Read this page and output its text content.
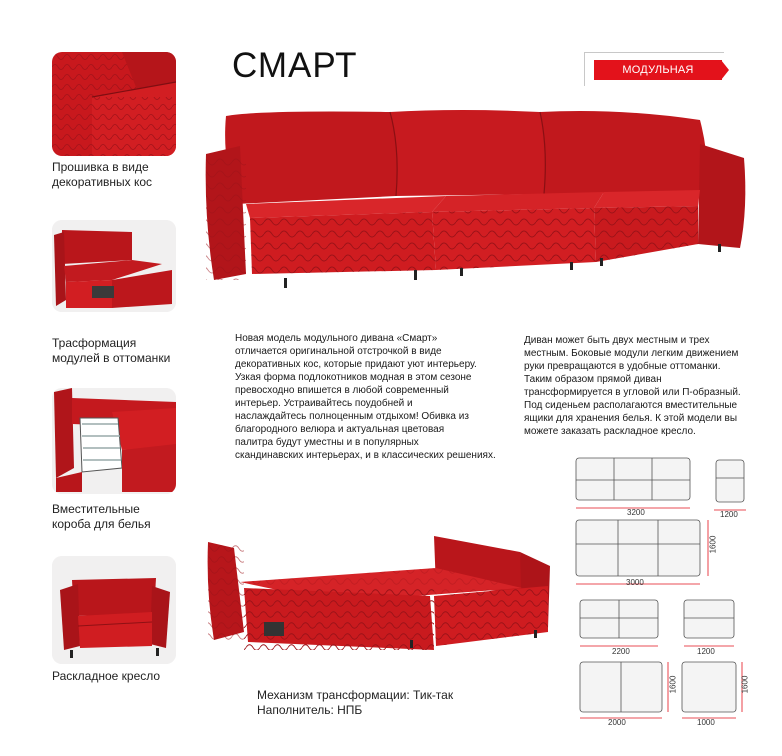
СМАРТ	МОДУЛЬНАЯ СИСТЕМА
Прошивка в виде
декоративных кос
Трасформация
модулей в оттоманки
Вместительные
короба для белья
Раскладное кресло
Новая модель модульного дивана «Смарт»
отличается оригинальной отстрочкой в виде
декоративных кос, которые придают уют интерьеру.
Узкая форма подлокотников модная в этом сезоне
превосходно впишется в любой современный
интерьер. Устраивайтесь поудобней и
наслаждайтесь полноценным отдыхом! Обивка из
благородного велюра и актуальная цветовая
палитра будут уместны и в популярных
скандинавских интерьерах, и в классических решениях.
Диван может быть двух местным и трех
местным. Боковые модули легким движением
руки превращаются в удобные оттоманки.
Таким образом прямой диван
трансформируется в угловой или П-образный.
Под сиденьем располагаются вместительные
ящики для хранения белья. К этой модели вы
можете заказать раскладное кресло.
Механизм трансформации: Тик-так
Наполнитель: НПБ
3200	1200
1600
3000
2200	1200
1600	1600
2000	1000
